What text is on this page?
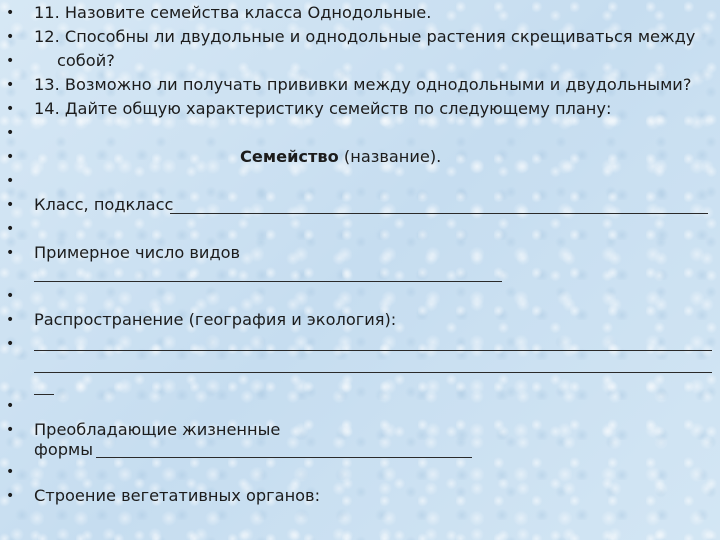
• 11. Назовите семейства класса Однодольные.
• 12. Способны ли двудольные и однодольные растения скрещиваться между
•	собой?
• 13. Возможно ли получать прививки между однодольными и двудольными?
• 14. Дайте общую характеристику семейств по следующему плану:
•
•	Семейство (название).
•
• Класс, подкласс
•
• Примерное число видов
•
• Распространение (география и экология):
•
•
• Преобладающие жизненные
формы
•
• Строение вегетативных органов:
